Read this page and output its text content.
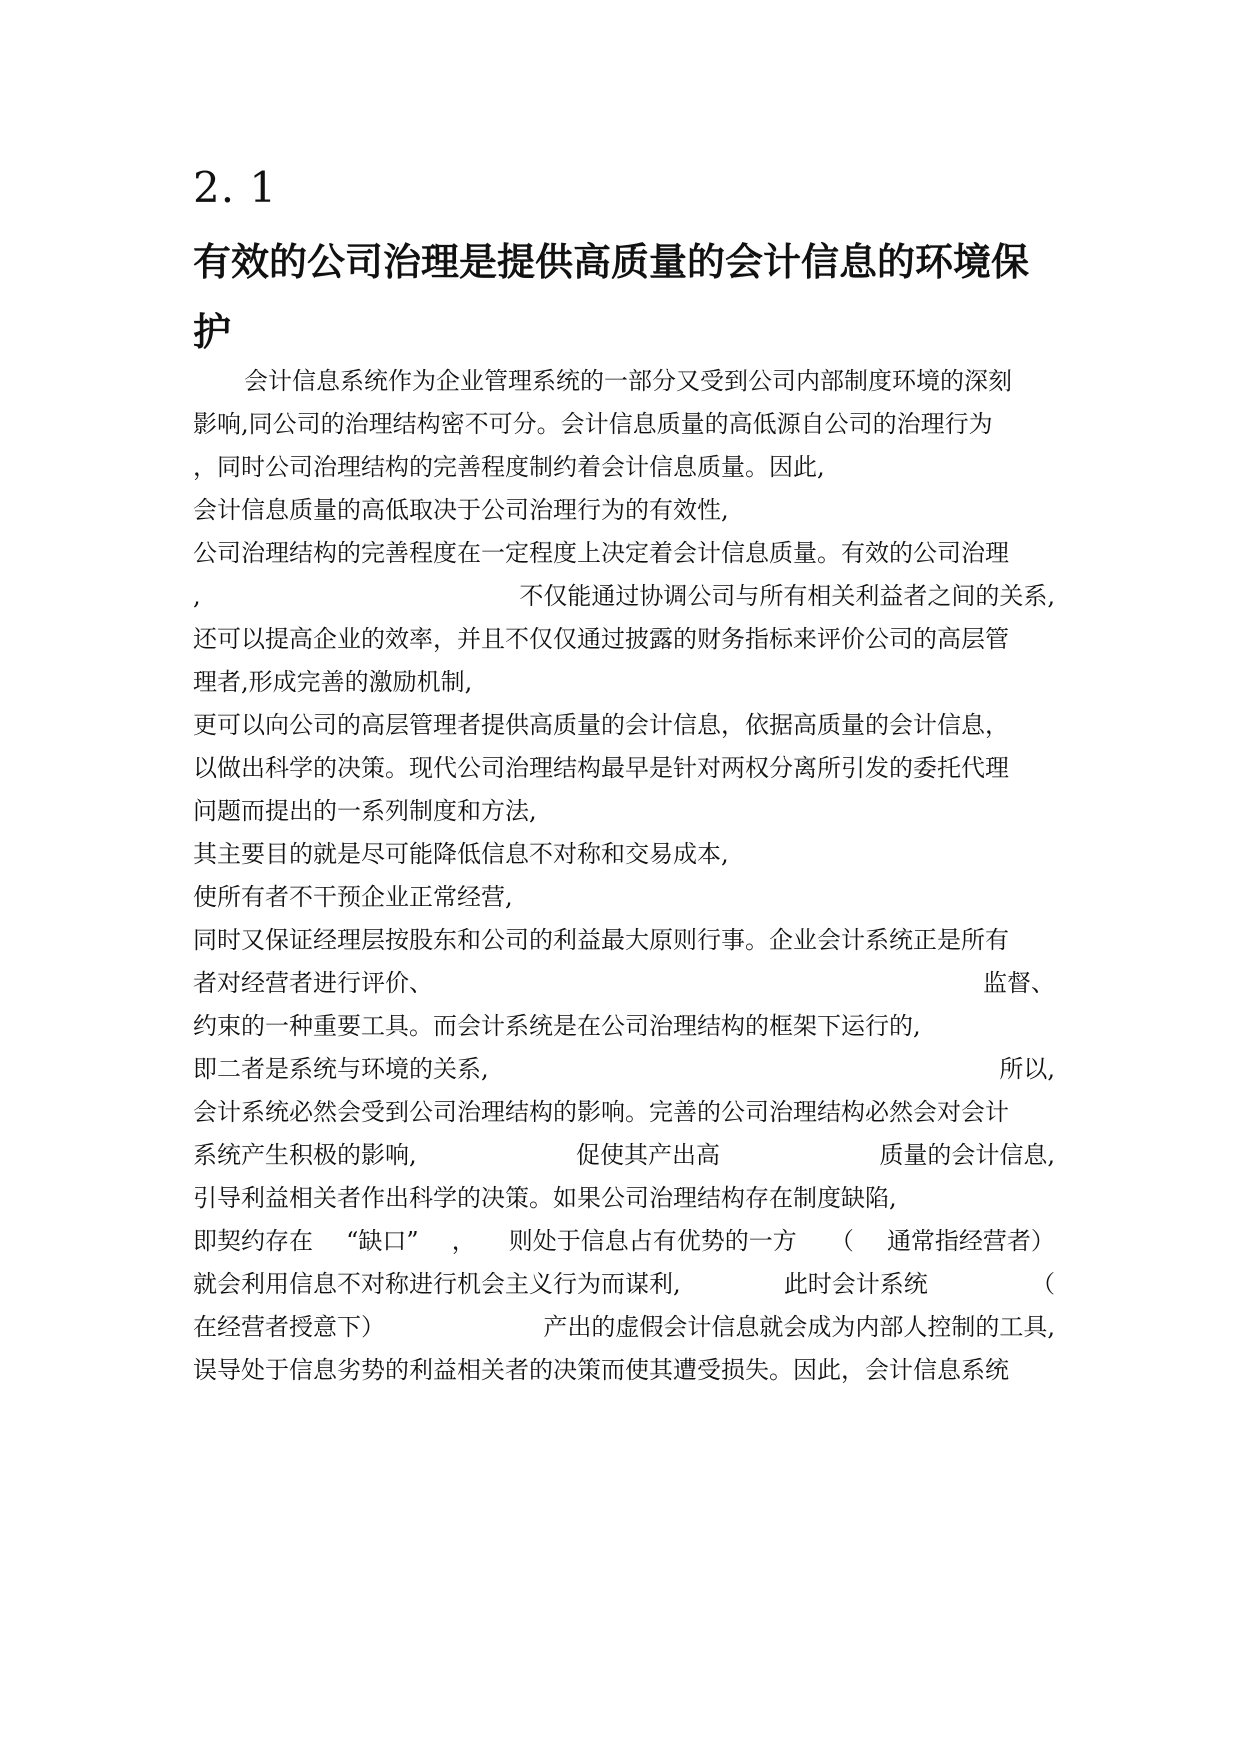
2. 1
有效的公司治理是提供高质量的会计信息的环境保
护
会计信息系统作为企业管理系统的一部分又受到公司内部制度环境的深刻
影响,同公司的治理结构密不可分。会计信息质量的高低源自公司的治理行为
，同时公司治理结构的完善程度制约着会计信息质量。因此,
会计信息质量的高低取决于公司治理行为的有效性,
公司治理结构的完善程度在一定程度上决定着会计信息质量。有效的公司治理
,	不仅能通过协调公司与所有相关利益者之间的关系,
还可以提高企业的效率，并且不仅仅通过披露的财务指标来评价公司的高层管
理者,形成完善的激励机制,
更可以向公司的高层管理者提供高质量的会计信息，依据高质量的会计信息，
以做出科学的决策。现代公司治理结构最早是针对两权分离所引发的委托代理
问题而提出的一系列制度和方法,
其主要目的就是尽可能降低信息不对称和交易成本,
使所有者不干预企业正常经营,
同时又保证经理层按股东和公司的利益最大原则行事。企业会计系统正是所有
者对经营者进行评价、	监督、
约束的一种重要工具。而会计系统是在公司治理结构的框架下运行的,
即二者是系统与环境的关系,	所以,
会计系统必然会受到公司治理结构的影响。完善的公司治理结构必然会对会计
系统产生积极的影响,	促使其产出高	质量的会计信息,
引导利益相关者作出科学的决策。如果公司治理结构存在制度缺陷,
即契约存在 “缺口” ， 则处于信息占有优势的一方 （ 通常指经营者）
就会利用信息不对称进行机会主义行为而谋利,	此时会计系统	（
在经营者授意下）	产出的虚假会计信息就会成为内部人控制的工具,
误导处于信息劣势的利益相关者的决策而使其遭受损失。因此，会计信息系统
